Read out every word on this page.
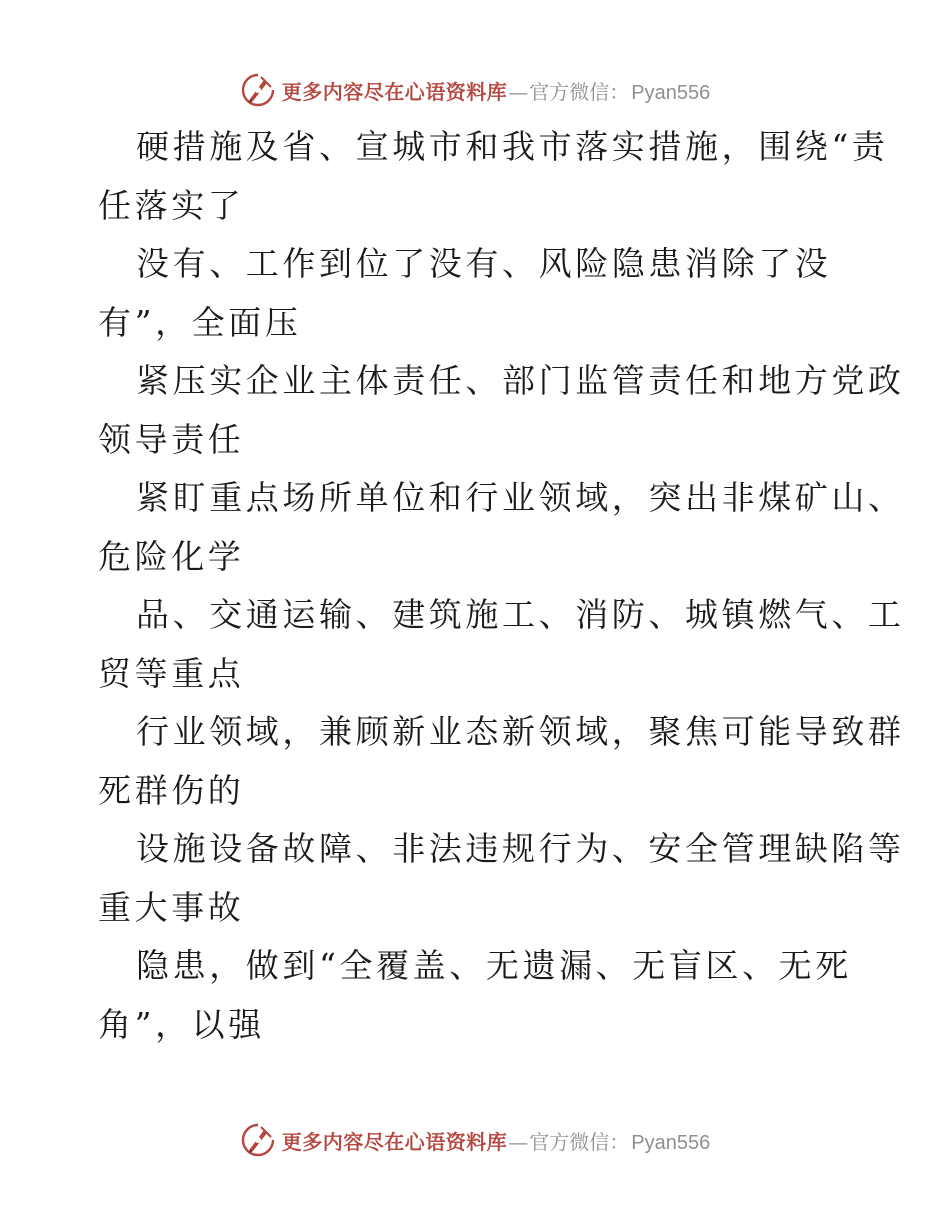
更多内容尽在心语资料库 — 官方微信： Pyan556
硬措施及省、宣城市和我市落实措施，围绕“责
任落实了
没有、工作到位了没有、风险隐患消除了没
有”，全面压
紧压实企业主体责任、部门监管责任和地方党政
领导责任
紧盯重点场所单位和行业领域，突出非煤矿山、
危险化学
品、交通运输、建筑施工、消防、城镇燃气、工
贸等重点
行业领域，兼顾新业态新领域，聚焦可能导致群
死群伤的
设施设备故障、非法违规行为、安全管理缺陷等
重大事故
隐患，做到“全覆盖、无遗漏、无盲区、无死
角”，以强
更多内容尽在心语资料库 — 官方微信： Pyan556
